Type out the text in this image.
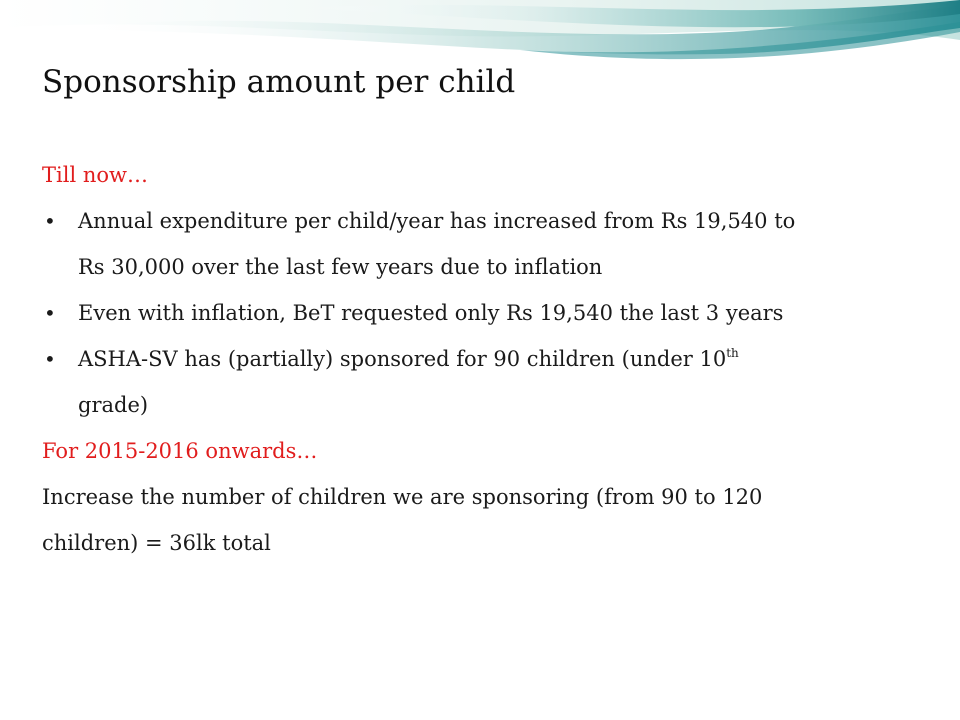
Sponsorship amount per child
Till now…
• Annual expenditure per child/year has increased from Rs 19,540 to
Rs 30,000 over the last few years due to inflation
• Even with inflation, BeT requested only Rs 19,540 the last 3 years
• ASHA-SV has (partially) sponsored for 90 children (under 10th
grade)
For 2015-2016 onwards…
Increase the number of children we are sponsoring (from 90 to 120
children) = 36lk total
